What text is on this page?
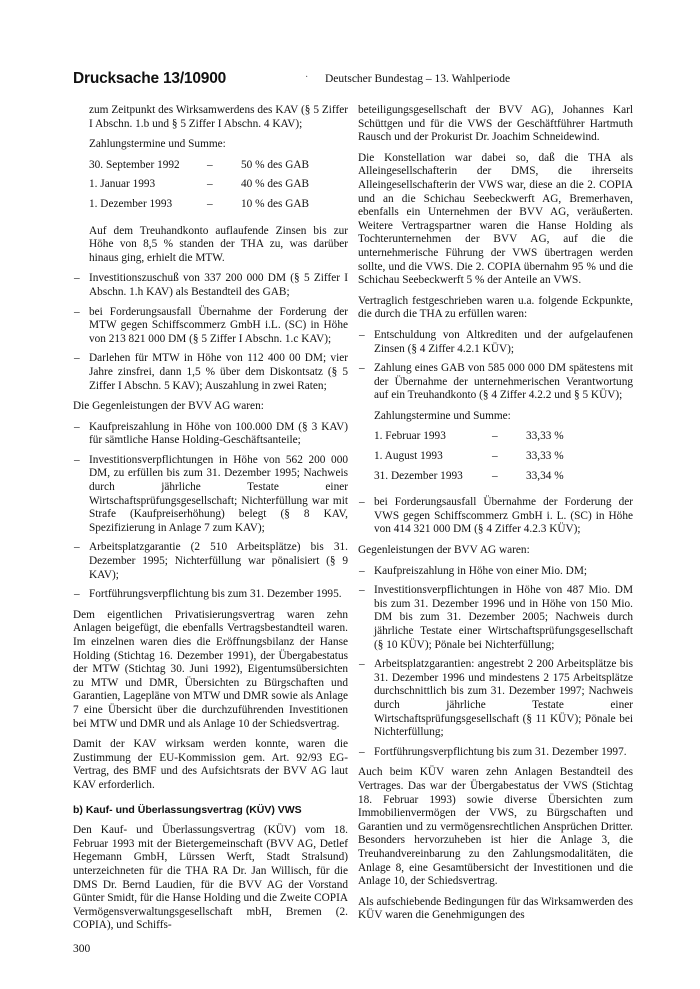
Drucksache 13/10900	· Deutscher Bundestag – 13. Wahlperiode

zum Zeitpunkt des Wirksamwerdens des KAV (§ 5 Ziffer I Abschn. 1.b und § 5 Ziffer I Abschn. 4 KAV);

Zahlungstermine und Summe:

30. September 1992	–	50 % des GAB
1. Januar 1993	–	40 % des GAB
1. Dezember 1993	–	10 % des GAB

Auf dem Treuhandkonto auflaufende Zinsen bis zur Höhe von 8,5 % standen der THA zu, was darüber hinaus ging, erhielt die MTW.

– Investitionszuschuß von 337 200 000 DM (§ 5 Ziffer I Abschn. 1.h KAV) als Bestandteil des GAB;
– bei Forderungsausfall Übernahme der Forderung der MTW gegen Schiffscommerz GmbH i.L. (SC) in Höhe von 213 821 000 DM (§ 5 Ziffer I Abschn. 1.c KAV);
– Darlehen für MTW in Höhe von 112 400 00 DM; vier Jahre zinsfrei, dann 1,5 % über dem Diskontsatz (§ 5 Ziffer I Abschn. 5 KAV); Auszahlung in zwei Raten;

Die Gegenleistungen der BVV AG waren:

– Kaufpreiszahlung in Höhe von 100.000 DM (§ 3 KAV) für sämtliche Hanse Holding-Geschäftsanteile;
– Investitionsverpflichtungen in Höhe von 562 200 000 DM, zu erfüllen bis zum 31. Dezember 1995; Nachweis durch jährliche Testate einer Wirtschaftsprüfungsgesellschaft; Nichterfüllung war mit Strafe (Kaufpreiserhöhung) belegt (§ 8 KAV, Spezifizierung in Anlage 7 zum KAV);
– Arbeitsplatzgarantie (2 510 Arbeitsplätze) bis 31. Dezember 1995; Nichterfüllung war pönalisiert (§ 9 KAV);
– Fortführungsverpflichtung bis zum 31. Dezember 1995.

Dem eigentlichen Privatisierungsvertrag waren zehn Anlagen beigefügt, die ebenfalls Vertragsbestandteil waren. Im einzelnen waren dies die Eröffnungsbilanz der Hanse Holding (Stichtag 16. Dezember 1991), der Übergabestatus der MTW (Stichtag 30. Juni 1992), Eigentumsübersichten zu MTW und DMR, Übersichten zu Bürgschaften und Garantien, Lagepläne von MTW und DMR sowie als Anlage 7 eine Übersicht über die durchzuführenden Investitionen bei MTW und DMR und als Anlage 10 der Schiedsvertrag.

Damit der KAV wirksam werden konnte, waren die Zustimmung der EU-Kommission gem. Art. 92/93 EG-Vertrag, des BMF und des Aufsichtsrats der BVV AG laut KAV erforderlich.

b) Kauf- und Überlassungsvertrag (KÜV) VWS

Den Kauf- und Überlassungsvertrag (KÜV) vom 18. Februar 1993 mit der Bietergemeinschaft (BVV AG, Detlef Hegemann GmbH, Lürssen Werft, Stadt Stralsund) unterzeichneten für die THA RA Dr. Jan Willisch, für die DMS Dr. Bernd Laudien, für die BVV AG der Vorstand Günter Smidt, für die Hanse Holding und die Zweite COPIA Vermögensverwaltungsgesellschaft mbH, Bremen (2. COPIA), und Schiffs-

beteiligungsgesellschaft der BVV AG), Johannes Karl Schüttgen und für die VWS der Geschäftführer Hartmuth Rausch und der Prokurist Dr. Joachim Schneidewind.

Die Konstellation war dabei so, daß die THA als Alleingesellschafterin der DMS, die ihrerseits Alleingesellschafterin der VWS war, diese an die 2. COPIA und an die Schichau Seebeckwerft AG, Bremerhaven, ebenfalls ein Unternehmen der BVV AG, veräußerten. Weitere Vertragspartner waren die Hanse Holding als Tochterunternehmen der BVV AG, auf die die unternehmerische Führung der VWS übertragen werden sollte, und die VWS. Die 2. COPIA übernahm 95 % und die Schichau Seebeckwerft 5 % der Anteile an VWS.

Vertraglich festgeschrieben waren u.a. folgende Eckpunkte, die durch die THA zu erfüllen waren:

– Entschuldung von Altkrediten und der aufgelaufenen Zinsen (§ 4 Ziffer 4.2.1 KÜV);
– Zahlung eines GAB von 585 000 000 DM spätestens mit der Übernahme der unternehmerischen Verantwortung auf ein Treuhandkonto (§ 4 Ziffer 4.2.2 und § 5 KÜV);

Zahlungstermine und Summe:

1. Februar 1993	–	33,33 %
1. August 1993	–	33,33 %
31. Dezember 1993	–	33,34 %
– bei Forderungsausfall Übernahme der Forderung der VWS gegen Schiffscommerz GmbH i. L. (SC) in Höhe von 414 321 000 DM (§ 4 Ziffer 4.2.3 KÜV);

Gegenleistungen der BVV AG waren:

– Kaufpreiszahlung in Höhe von einer Mio. DM;
– Investitionsverpflichtungen in Höhe von 487 Mio. DM bis zum 31. Dezember 1996 und in Höhe von 150 Mio. DM bis zum 31. Dezember 2005; Nachweis durch jährliche Testate einer Wirtschaftsprüfungsgesellschaft (§ 10 KÜV); Pönale bei Nichterfüllung;
– Arbeitsplatzgarantien: angestrebt 2 200 Arbeitsplätze bis 31. Dezember 1996 und mindestens 2 175 Arbeitsplätze durchschnittlich bis zum 31. Dezember 1997; Nachweis durch jährliche Testate einer Wirtschaftsprüfungsgesellschaft (§ 11 KÜV); Pönale bei Nichterfüllung;
– Fortführungsverpflichtung bis zum 31. Dezember 1997.

Auch beim KÜV waren zehn Anlagen Bestandteil des Vertrages. Das war der Übergabestatus der VWS (Stichtag 18. Februar 1993) sowie diverse Übersichten zum Immobilienvermögen der VWS, zu Bürgschaften und Garantien und zu vermögensrechtlichen Ansprüchen Dritter. Besonders hervorzuheben ist hier die Anlage 3, die Treuhandvereinbarung zu den Zahlungsmodalitäten, die Anlage 8, eine Gesamtübersicht der Investitionen und die Anlage 10, der Schiedsvertrag.

Als aufschiebende Bedingungen für das Wirksamwerden des KÜV waren die Genehmigungen des

300
